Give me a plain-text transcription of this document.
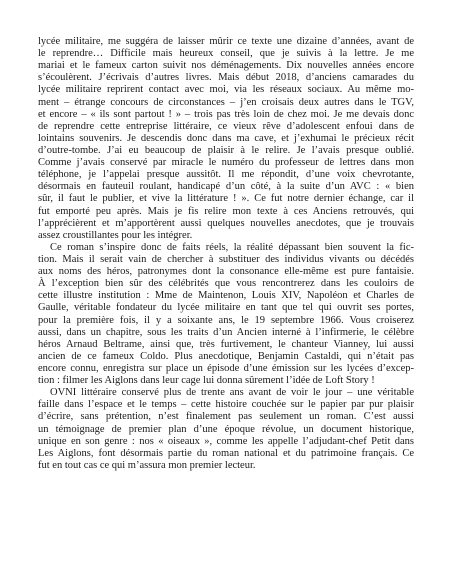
lycée militaire, me suggéra de laisser mûrir ce texte une dizaine d’années, avant de
le reprendre… Difficile mais heureux conseil, que je suivis à la lettre. Je me
mariai et le fameux carton suivit nos déménagements. Dix nouvelles années encore
s’écoulèrent. J’écrivais d’autres livres. Mais début 2018, d’anciens camarades du
lycée militaire reprirent contact avec moi, via les réseaux sociaux. Au même mo-
ment – étrange concours de circonstances – j’en croisais deux autres dans le TGV,
et encore – « ils sont partout ! » – trois pas très loin de chez moi. Je me devais donc
de reprendre cette entreprise littéraire, ce vieux rêve d’adolescent enfoui dans de
lointains souvenirs. Je descendis donc dans ma cave, et j’exhumai le précieux récit
d’outre-tombe. J’ai eu beaucoup de plaisir à le relire. Je l’avais presque oublié.
Comme j’avais conservé par miracle le numéro du professeur de lettres dans mon
téléphone, je l’appelai presque aussitôt. Il me répondit, d’une voix chevrotante,
désormais en fauteuil roulant, handicapé d’un côté, à la suite d’un AVC : « bien
sûr, il faut le publier, et vive la littérature ! ». Ce fut notre dernier échange, car il
fut emporté peu après. Mais je fis relire mon texte à ces Anciens retrouvés, qui
l’apprécièrent et m’apportèrent aussi quelques nouvelles anecdotes, que je trouvais
assez croustillantes pour les intégrer.
Ce roman s’inspire donc de faits réels, la réalité dépassant bien souvent la fic-
tion. Mais il serait vain de chercher à substituer des individus vivants ou décédés
aux noms des héros, patronymes dont la consonance elle-même est pure fantaisie.
À l’exception bien sûr des célébrités que vous rencontrerez dans les couloirs de
cette illustre institution : Mme de Maintenon, Louis XIV, Napoléon et Charles de
Gaulle, véritable fondateur du lycée militaire en tant que tel qui ouvrit ses portes,
pour la première fois, il y a soixante ans, le 19 septembre 1966. Vous croiserez
aussi, dans un chapitre, sous les traits d’un Ancien interné à l’infirmerie, le célèbre
héros Arnaud Beltrame, ainsi que, très furtivement, le chanteur Vianney, lui aussi
ancien de ce fameux Coldo. Plus anecdotique, Benjamin Castaldi, qui n’était pas
encore connu, enregistra sur place un épisode d’une émission sur les lycées d’excep-
tion : filmer les Aiglons dans leur cage lui donna sûrement l’idée de Loft Story !
OVNI littéraire conservé plus de trente ans avant de voir le jour – une véritable
faille dans l’espace et le temps – cette histoire couchée sur le papier par pur plaisir
d’écrire, sans prétention, n’est finalement pas seulement un roman. C’est aussi
un témoignage de premier plan d’une époque révolue, un document historique,
unique en son genre : nos « oiseaux », comme les appelle l’adjudant-chef Petit dans
Les Aiglons, font désormais partie du roman national et du patrimoine français. Ce
fut en tout cas ce qui m’assura mon premier lecteur.
